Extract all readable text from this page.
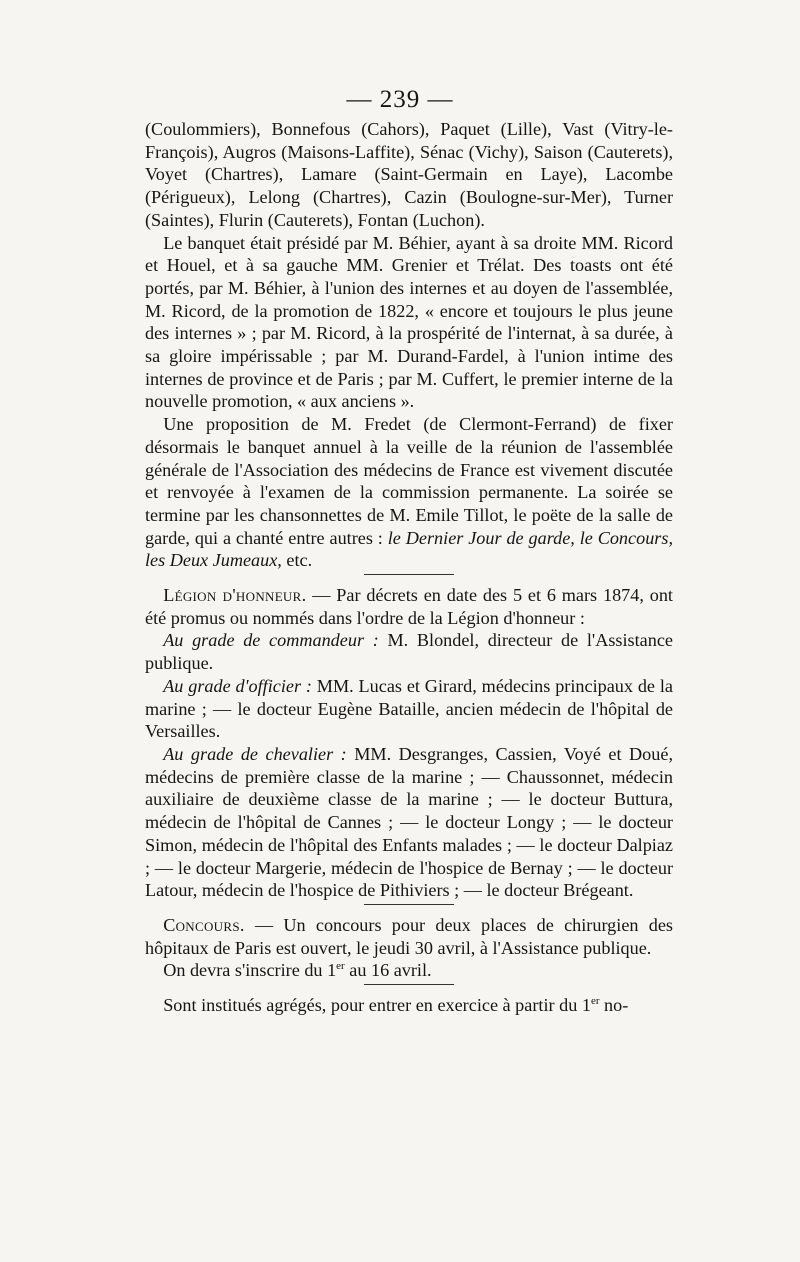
— 239 —

(Coulommiers), Bonnefous (Cahors), Paquet (Lille), Vast (Vitry-le-François), Augros (Maisons-Laffite), Sénac (Vichy), Saison (Cauterets), Voyet (Chartres), Lamare (Saint-Germain en Laye), Lacombe (Périgueux), Lelong (Chartres), Cazin (Boulogne-sur-Mer), Turner (Saintes), Flurin (Cauterets), Fontan (Luchon).

Le banquet était présidé par M. Béhier, ayant à sa droite MM. Ricord et Houel, et à sa gauche MM. Grenier et Trélat. Des toasts ont été portés, par M. Béhier, à l'union des internes et au doyen de l'assemblée, M. Ricord, de la promotion de 1822, « encore et toujours le plus jeune des internes » ; par M. Ricord, à la prospérité de l'internat, à sa durée, à sa gloire impérissable ; par M. Durand-Fardel, à l'union intime des internes de province et de Paris ; par M. Cuffert, le premier interne de la nouvelle promotion, « aux anciens ».

Une proposition de M. Fredet (de Clermont-Ferrand) de fixer désormais le banquet annuel à la veille de la réunion de l'assemblée générale de l'Association des médecins de France est vivement discutée et renvoyée à l'examen de la commission permanente. La soirée se termine par les chansonnettes de M. Emile Tillot, le poëte de la salle de garde, qui a chanté entre autres : le Dernier Jour de garde, le Concours, les Deux Jumeaux, etc.

Légion d'honneur. — Par décrets en date des 5 et 6 mars 1874, ont été promus ou nommés dans l'ordre de la Légion d'honneur :

Au grade de commandeur : M. Blondel, directeur de l'Assistance publique.

Au grade d'officier : MM. Lucas et Girard, médecins principaux de la marine ; — le docteur Eugène Bataille, ancien médecin de l'hôpital de Versailles.

Au grade de chevalier : MM. Desgranges, Cassien, Voyé et Doué, médecins de première classe de la marine ; — Chaussonnet, médecin auxiliaire de deuxième classe de la marine ; — le docteur Buttura, médecin de l'hôpital de Cannes ; — le docteur Longy ; — le docteur Simon, médecin de l'hôpital des Enfants malades ; — le docteur Dalpiaz ; — le docteur Margerie, médecin de l'hospice de Bernay ; — le docteur Latour, médecin de l'hospice de Pithiviers ; — le docteur Brégeant.

Concours. — Un concours pour deux places de chirurgien des hôpitaux de Paris est ouvert, le jeudi 30 avril, à l'Assistance publique.

On devra s'inscrire du 1er au 16 avril.

Sont institués agrégés, pour entrer en exercice à partir du 1er no-
